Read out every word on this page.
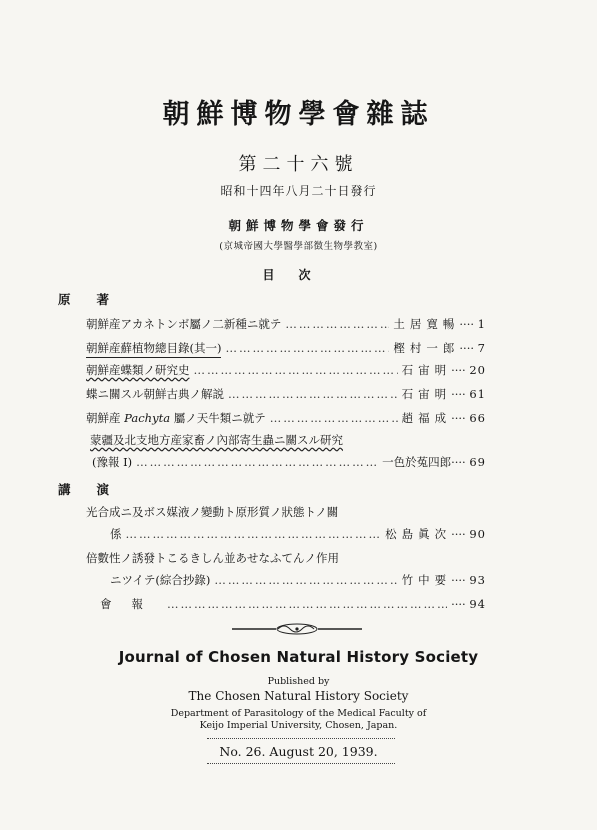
朝鮮博物學會雜誌
第二十六號
昭和十四年八月二十日發行
朝鮮博物學會發行
(京城帝國大學醫學部徴生物學教室)
目次
原著
朝鮮産アカネトンボ屬ノ二新種ニ就テ …………………………………………………………………………………………………………………………………………………………………………	土居寛暢	···· 1
朝鮮産蘚植物總目錄(其一) …………………………………………………………………………………………………………………………………………………………………………	樫村一郎	···· 7
朝鮮産蝶類ノ研究史 …………………………………………………………………………………………………………………………………………………………………………	石宙明	···· 20
蝶ニ關スル朝鮮古典ノ解説 …………………………………………………………………………………………………………………………………………………………………………	石宙明	···· 61
朝鮮産 Pachyta 屬ノ天牛類ニ就テ …………………………………………………………………………………………………………………………………………………………………………	趙福成	···· 66
蒙疆及北支地方産家畜ノ內部寄生蟲ニ關スル研究
(豫報 I) …………………………………………………………………………………………………………………………………………………………………………	一色於菟四郎	···· 69
講演
光合成ニ及ボス媒液ノ變動ト原形質ノ狀態トノ關
係 …………………………………………………………………………………………………………………………………………………………………………	松島眞次	···· 90
倍數性ノ誘發トこるきしん並あせなふてんノ作用
ニツイテ(綜合抄錄) …………………………………………………………………………………………………………………………………………………………………………	竹中要	···· 93
會報 …………………………………………………………………………………………………………………………………………………………………………	···· 94
Journal of Chosen Natural History Society
Published by
The Chosen Natural History Society
Department of Parasitology of the Medical Faculty of
Keijo Imperial University, Chosen, Japan.
No. 26. August 20, 1939.
